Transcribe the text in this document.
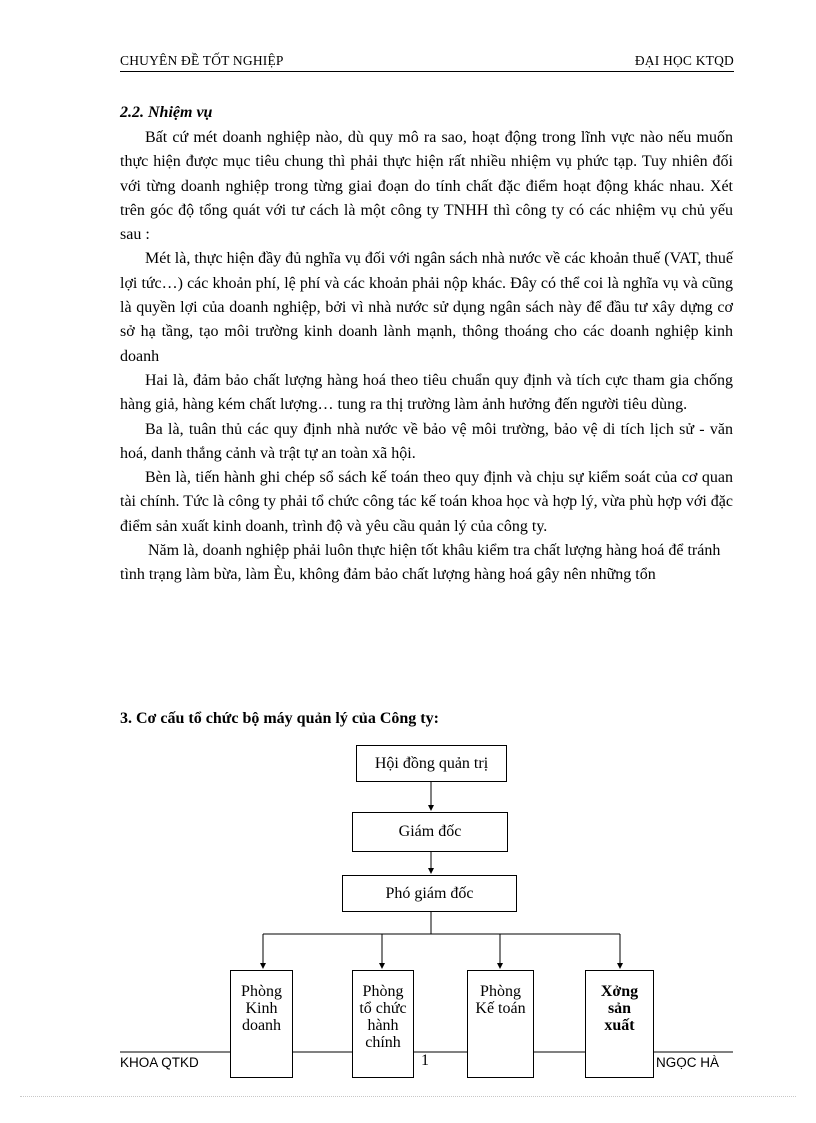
CHUYÊN ĐỀ TỐT NGHIỆP	ĐẠI HỌC KTQD
2.2. Nhiệm vụ

Bất cứ mét doanh nghiệp nào, dù quy mô ra sao, hoạt động trong lĩnh vực nào nếu muốn thực hiện được mục tiêu chung thì phải thực hiện rất nhiều nhiệm vụ phức tạp. Tuy nhiên đối với từng doanh nghiệp trong từng giai đoạn do tính chất đặc điểm hoạt động khác nhau. Xét trên góc độ tổng quát với tư cách là một công ty TNHH thì công ty có các nhiệm vụ chủ yếu sau :

Mét là, thực hiện đầy đủ nghĩa vụ đối với ngân sách nhà nước về các khoản thuế (VAT, thuế lợi tức…) các khoản phí, lệ phí và các khoản phải nộp khác. Đây có thể coi là nghĩa vụ và cũng là quyền lợi của doanh nghiệp, bởi vì nhà nước sử dụng ngân sách này để đầu tư xây dựng cơ sở hạ tầng, tạo môi trường kinh doanh lành mạnh, thông thoáng cho các doanh nghiệp kinh doanh

Hai là, đảm bảo chất lượng hàng hoá theo tiêu chuẩn quy định và tích cực tham gia chống hàng giả, hàng kém chất lượng… tung ra thị trường làm ảnh hưởng đến người tiêu dùng.

Ba là, tuân thủ các quy định nhà nước về bảo vệ môi trường, bảo vệ di tích lịch sử - văn hoá, danh thắng cảnh và trật tự an toàn xã hội.

Bèn là, tiến hành ghi chép sổ sách kế toán theo quy định và chịu sự kiểm soát của cơ quan tài chính. Tức là công ty phải tổ chức công tác kế toán khoa học và hợp lý, vừa phù hợp với đặc điểm sản xuất kinh doanh, trình độ và yêu cầu quản lý của công ty.

Năm là, doanh nghiệp phải luôn thực hiện tốt khâu kiểm tra chất lượng hàng hoá để tránh tình trạng làm bừa, làm Èu, không đảm bảo chất lượng hàng hoá gây nên những tổn

3. Cơ cấu tổ chức bộ máy quản lý của Công ty:
Hội đồng quản trị
Giám đốc
Phó giám đốc
Phòng
Kinh
doanh
Phòng
tổ chức
hành
chính
Phòng
Kế toán
Xởng
sản
xuất
KHOA QTKD	1	NGỌC HÀ
